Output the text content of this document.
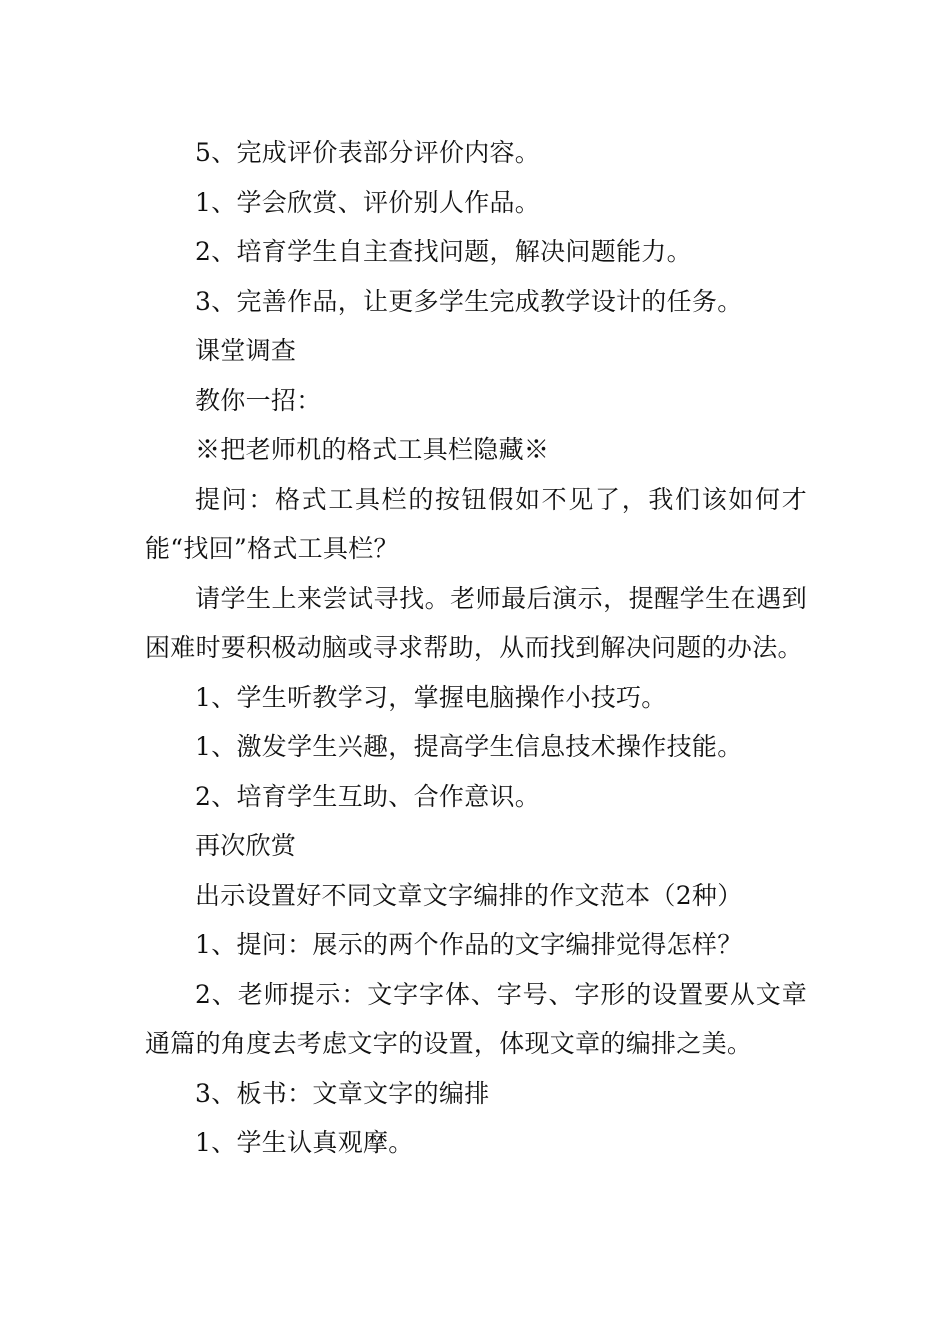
5、完成评价表部分评价内容。

1、学会欣赏、评价别人作品。

2、培育学生自主查找问题，解决问题能力。

3、完善作品，让更多学生完成教学设计的任务。

课堂调查

教你一招：

※把老师机的格式工具栏隐藏※

提问：格式工具栏的按钮假如不见了，我们该如何才能“找回”格式工具栏？

请学生上来尝试寻找。老师最后演示，提醒学生在遇到困难时要积极动脑或寻求帮助，从而找到解决问题的办法。

1、学生听教学习，掌握电脑操作小技巧。

1、激发学生兴趣，提高学生信息技术操作技能。

2、培育学生互助、合作意识。

再次欣赏

出示设置好不同文章文字编排的作文范本（2种）

1、提问：展示的两个作品的文字编排觉得怎样？

2、老师提示：文字字体、字号、字形的设置要从文章通篇的角度去考虑文字的设置，体现文章的编排之美。

3、板书：文章文字的编排

1、学生认真观摩。
